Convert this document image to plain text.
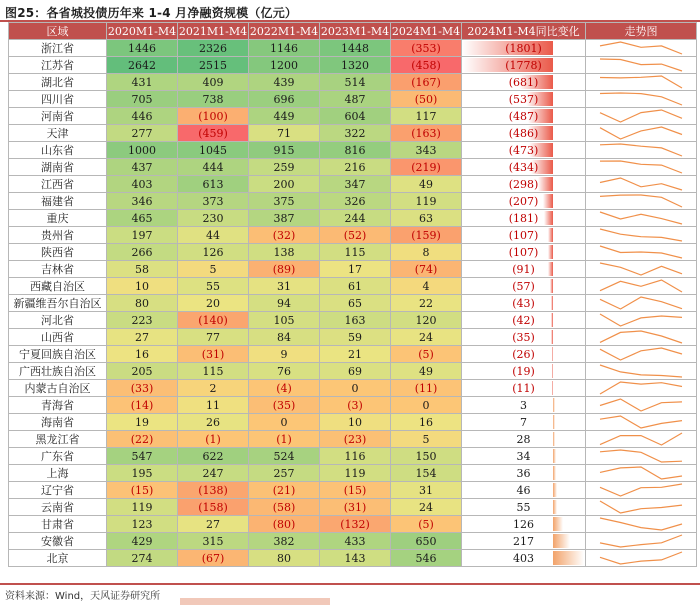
图25：各省城投债历年来 1-4 月净融资规模（亿元）
区域	2020M1-M4	2021M1-M4	2022M1-M4	2023M1-M4	2024M1-M4	2024M1-M4同比变化	走势图
浙江省	1446	2326	1146	1448	(353)	(1801)	

江苏省	2642	2515	1200	1320	(458)	(1778)	

湖北省	431	409	439	514	(167)	(681)	

四川省	705	738	696	487	(50)	(537)	

河南省	446	(100)	449	604	117	(487)	

天津	277	(459)	71	322	(163)	(486)	

山东省	1000	1045	915	816	343	(473)	

湖南省	437	444	259	216	(219)	(434)	

江西省	403	613	200	347	49	(298)	

福建省	346	373	375	326	119	(207)	

重庆	465	230	387	244	63	(181)	

贵州省	197	44	(32)	(52)	(159)	(107)	

陕西省	266	126	138	115	8	(107)	

吉林省	58	5	(89)	17	(74)	(91)	

西藏自治区	10	55	31	61	4	(57)	

新疆维吾尔自治区	80	20	94	65	22	(43)	

河北省	223	(140)	105	163	120	(42)	

山西省	27	77	84	59	24	(35)	

宁夏回族自治区	16	(31)	9	21	(5)	(26)	

广西壮族自治区	205	115	76	69	49	(19)	

内蒙古自治区	(33)	2	(4)	0	(11)	(11)	

青海省	(14)	11	(35)	(3)	0	3	

海南省	19	26	0	10	16	7	

黑龙江省	(22)	(1)	(1)	(23)	5	28	

广东省	547	622	524	116	150	34	

上海	195	247	257	119	154	36	

辽宁省	(15)	(138)	(21)	(15)	31	46	

云南省	119	(158)	(58)	(31)	24	55	

甘肃省	123	27	(80)	(132)	(5)	126	

安徽省	429	315	382	433	650	217	

北京	274	(67)	80	143	546	403	
资料来源：Wind，天风证券研究所
